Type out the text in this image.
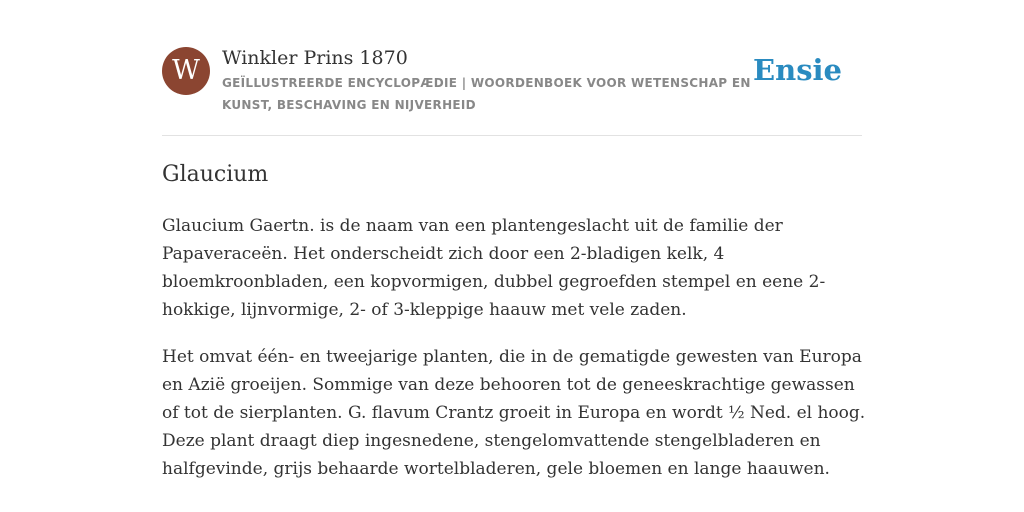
W	Winkler Prins 1870
GEÏLLUSTREERDE ENCYCLOPÆDIE | WOORDENBOEK VOOR WETENSCHAP EN KUNST, BESCHAVING EN NIJVERHEID
Ensie
Glaucium

Glaucium Gaertn. is de naam van een plantengeslacht uit de familie der
Papaveraceën. Het onderscheidt zich door een 2-bladigen kelk, 4
bloemkroonbladen, een kopvormigen, dubbel gegroefden stempel en eene 2-
hokkige, lijnvormige, 2- of 3-kleppige haauw met vele zaden.

Het omvat één- en tweejarige planten, die in de gematigde gewesten van Europa
en Azië groeijen. Sommige van deze behooren tot de geneeskrachtige gewassen
of tot de sierplanten. G. flavum Crantz groeit in Europa en wordt ½ Ned. el hoog.
Deze plant draagt diep ingesnedene, stengelomvattende stengelbladeren en
halfgevinde, grijs behaarde wortelbladeren, gele bloemen en lange haauwen.
